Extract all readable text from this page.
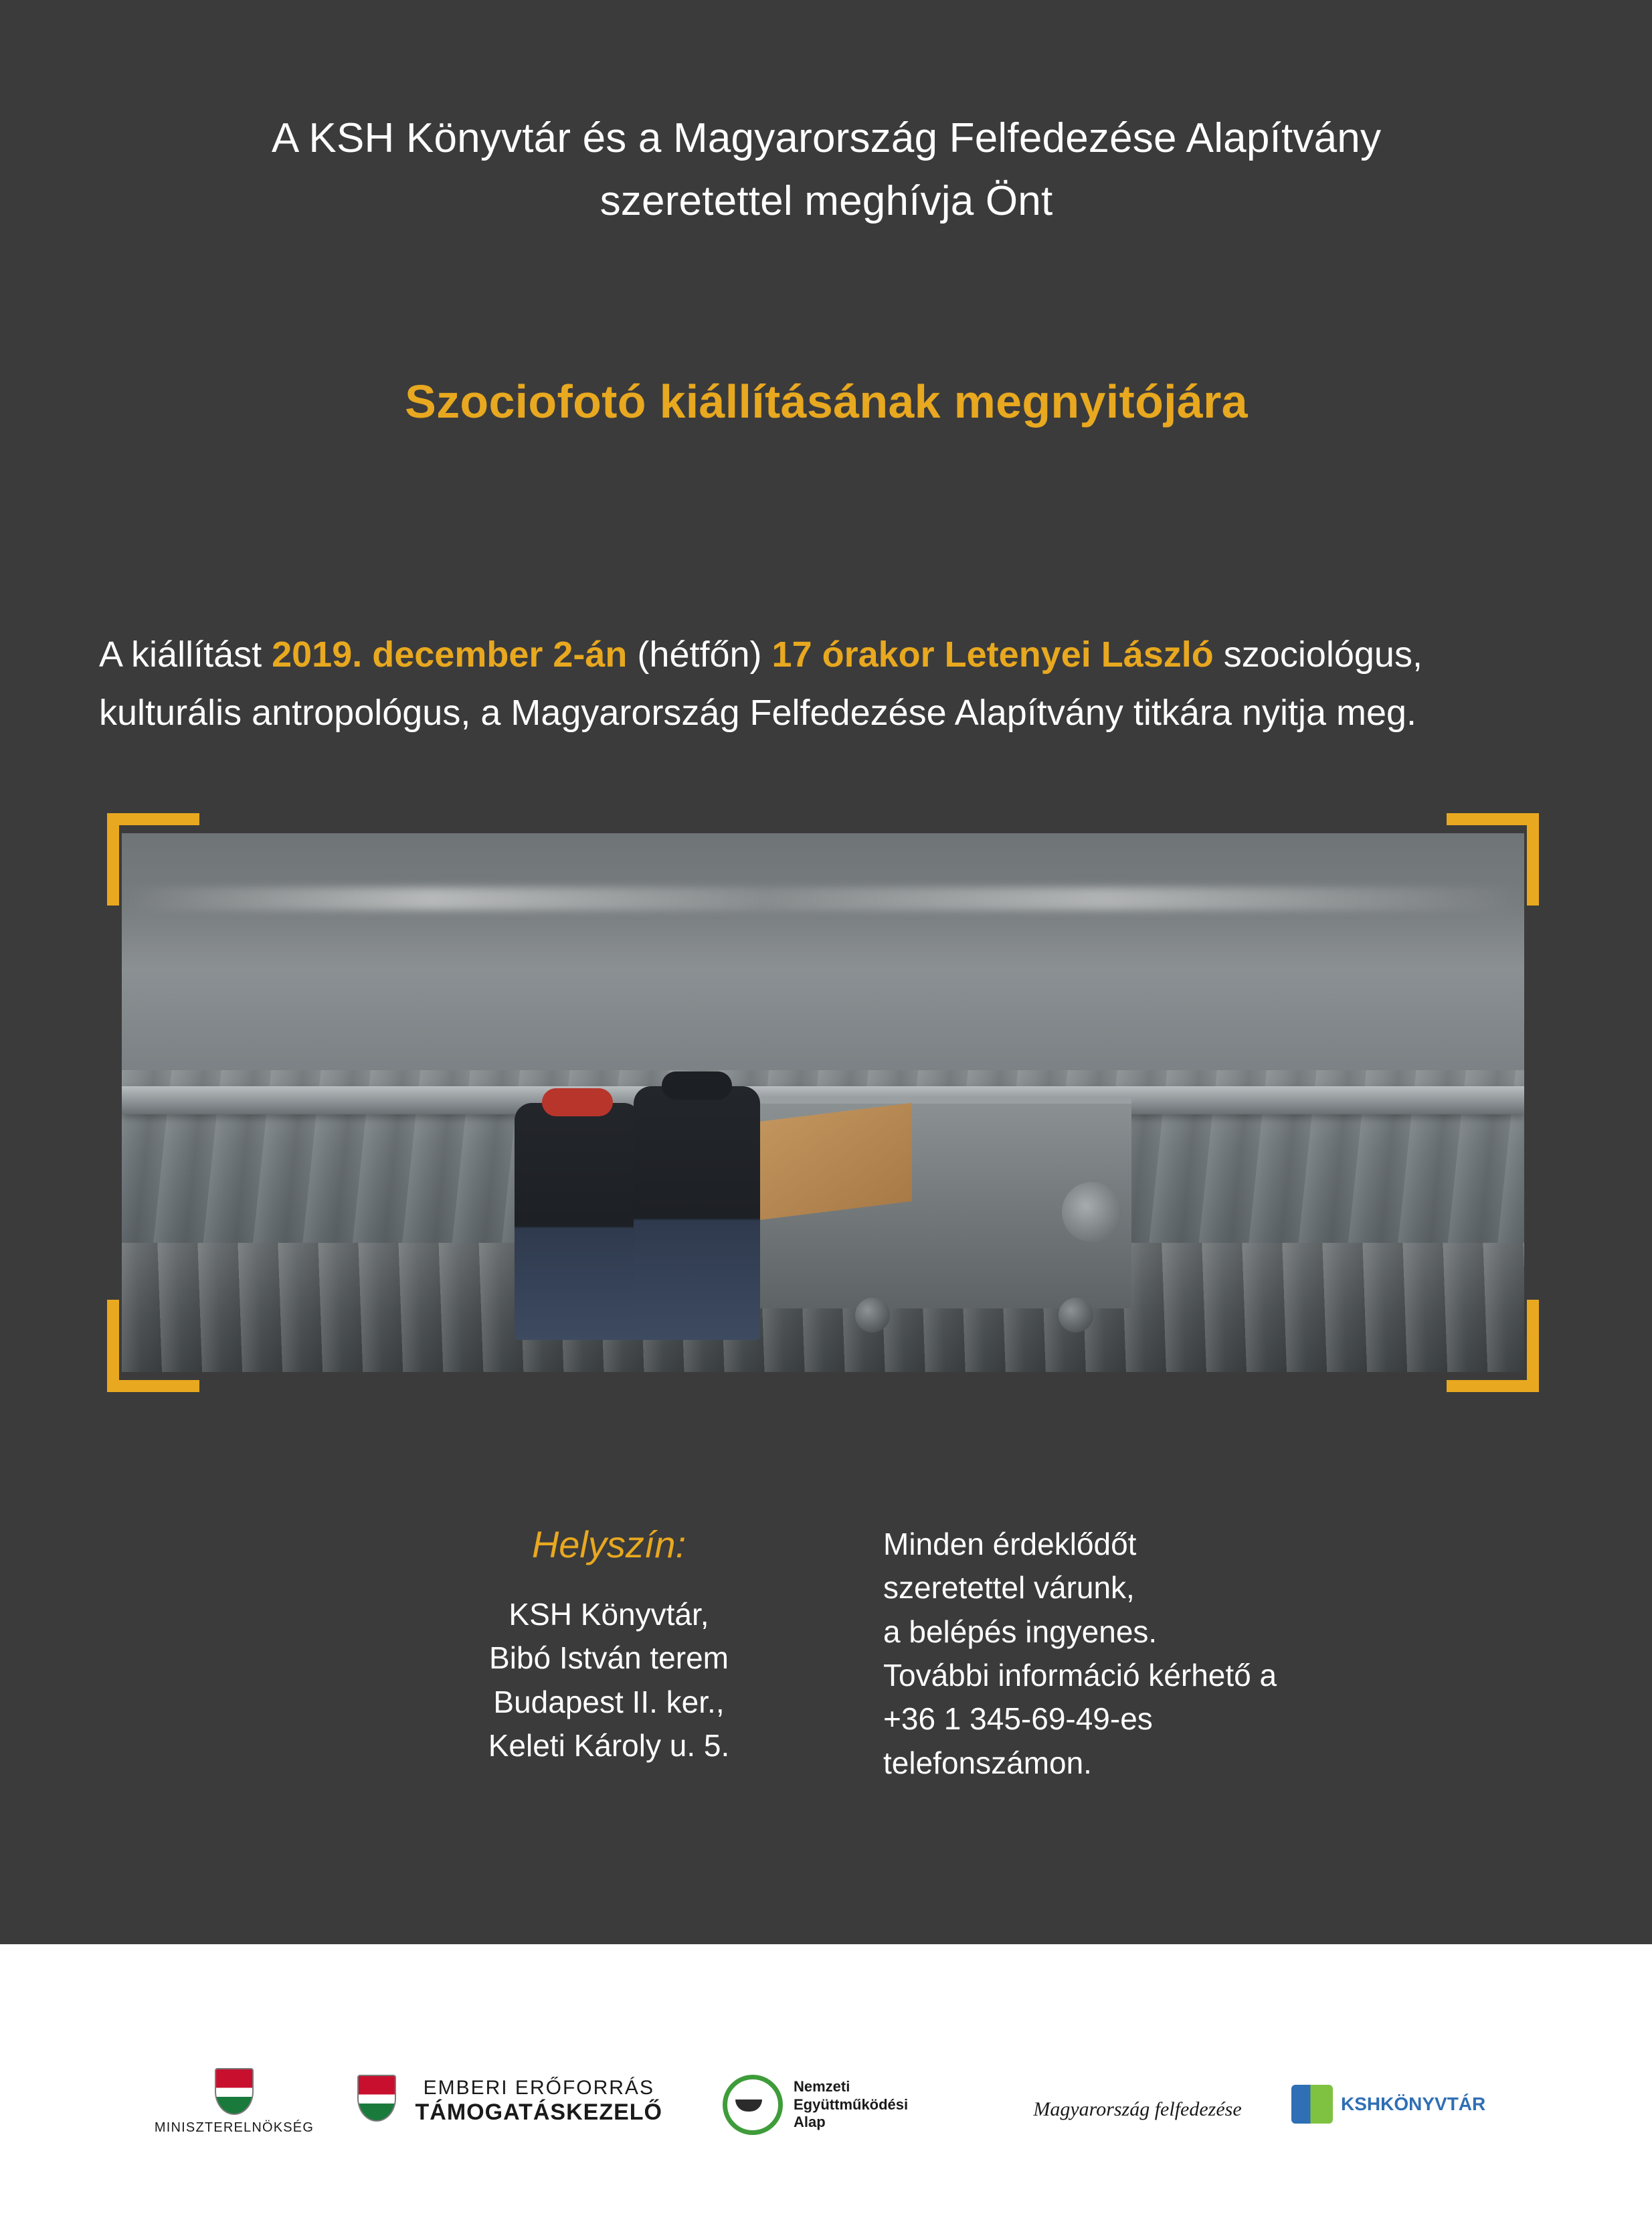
A KSH Könyvtár és a Magyarország Felfedezése Alapítvány
szeretettel meghívja Önt
Szociofotó kiállításának megnyitójára
A kiállítást 2019. december 2-án (hétfőn) 17 órakor Letenyei László szociológus, kulturális antropológus, a Magyarország Felfedezése Alapítvány titkára nyitja meg.
Helyszín:
KSH Könyvtár,
Bibó István terem
Budapest II. ker.,
Keleti Károly u. 5.
Minden érdeklődőt
szeretettel várunk,
a belépés ingyenes.
További információ kérhető a
+36 1 345-69-49-es
telefonszámon.
MINISZTERELNÖKSÉG
EMBERI ERŐFORRÁS
TÁMOGATÁSKEZELŐ
Nemzeti
Együttműködési
Alap
Magyarország felfedezése	KSHKÖNYVTÁR
